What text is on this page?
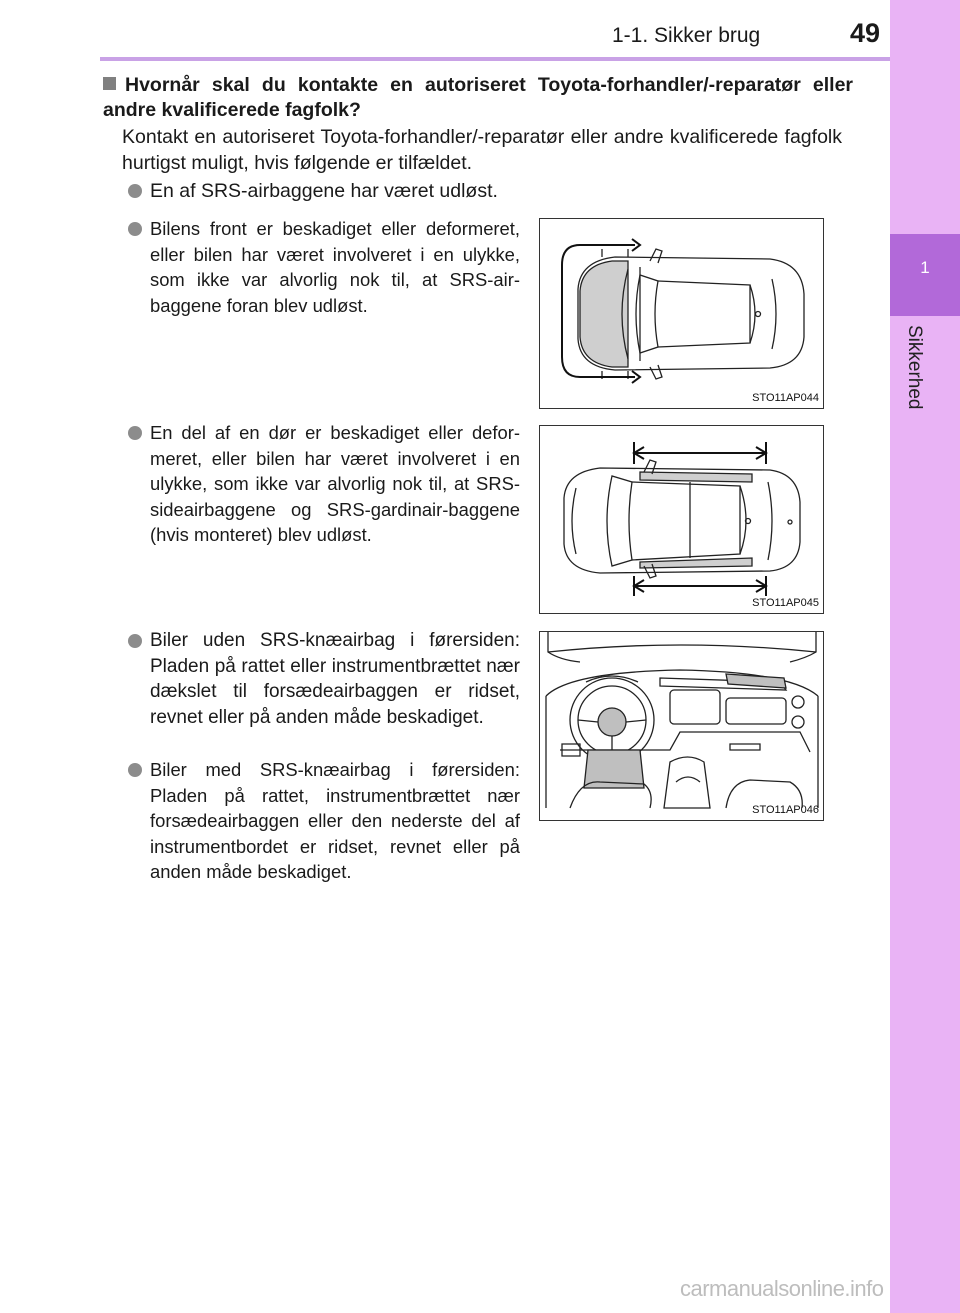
1-1. Sikker brug	49
1
Sikkerhed
Hvornår skal du kontakte en autoriseret Toyota-forhandler/-reparatør eller andre kvalificerede fagfolk?
Kontakt en autoriseret Toyota-forhandler/-reparatør eller andre kvalificerede fagfolk hurtigst muligt, hvis følgende er tilfældet.
En af SRS-airbaggene har været udløst.
Bilens front er beskadiget eller deformeret, eller bilen har været involveret i en ulykke, som ikke var alvorlig nok til, at SRS-air-baggene foran blev udløst.
En del af en dør er beskadiget eller defor-meret, eller bilen har været involveret i en ulykke, som ikke var alvorlig nok til, at SRS-sideairbaggene og SRS-gardinair-baggene (hvis monteret) blev udløst.
Biler uden SRS-knæairbag i førersiden: Pladen på rattet eller instrumentbrættet nær dækslet til forsædeairbaggen er ridset, revnet eller på anden måde beskadiget.
Biler med SRS-knæairbag i førersiden: Pladen på rattet, instrumentbrættet nær forsædeairbaggen eller den nederste del af instrumentbordet er ridset, revnet eller på anden måde beskadiget.
STO11AP044
STO11AP045
STO11AP046
carmanualsonline.info
